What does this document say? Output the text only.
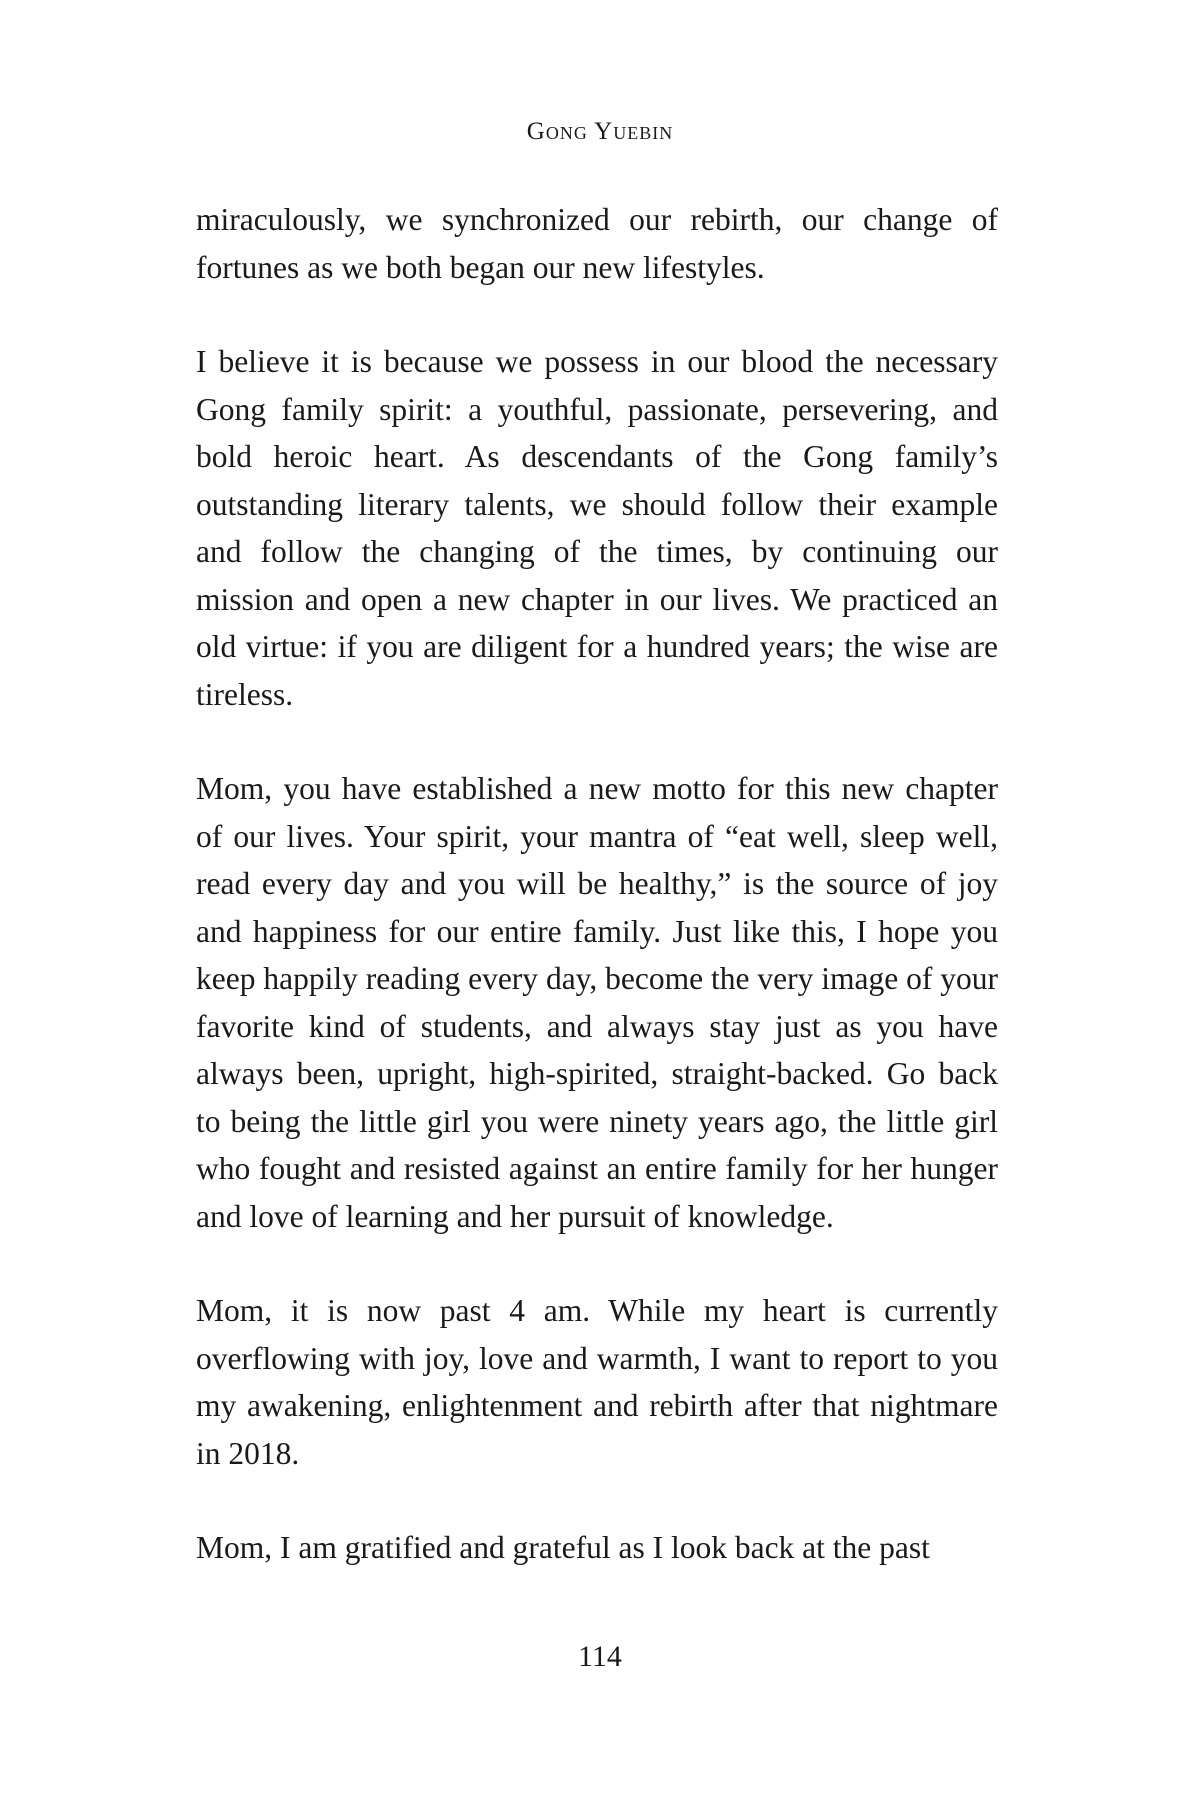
Gong Yuebin

miraculously, we synchronized our rebirth, our change of fortunes as we both began our new lifestyles.

I believe it is because we possess in our blood the necessary Gong family spirit: a youthful, passionate, persevering, and bold heroic heart. As descendants of the Gong family’s outstanding literary talents, we should follow their example and follow the changing of the times, by continuing our mission and open a new chapter in our lives. We practiced an old virtue: if you are diligent for a hundred years; the wise are tireless.

Mom, you have established a new motto for this new chapter of our lives. Your spirit, your mantra of “eat well, sleep well, read every day and you will be healthy,” is the source of joy and happiness for our entire family. Just like this, I hope you keep happily reading every day, become the very image of your favorite kind of students, and always stay just as you have always been, upright, high-spirited, straight-backed. Go back to being the little girl you were ninety years ago, the little girl who fought and resisted against an entire family for her hunger and love of learning and her pursuit of knowledge.

Mom, it is now past 4 am. While my heart is currently overflowing with joy, love and warmth, I want to report to you my awakening, enlightenment and rebirth after that nightmare in 2018.

Mom, I am gratified and grateful as I look back at the past

114
